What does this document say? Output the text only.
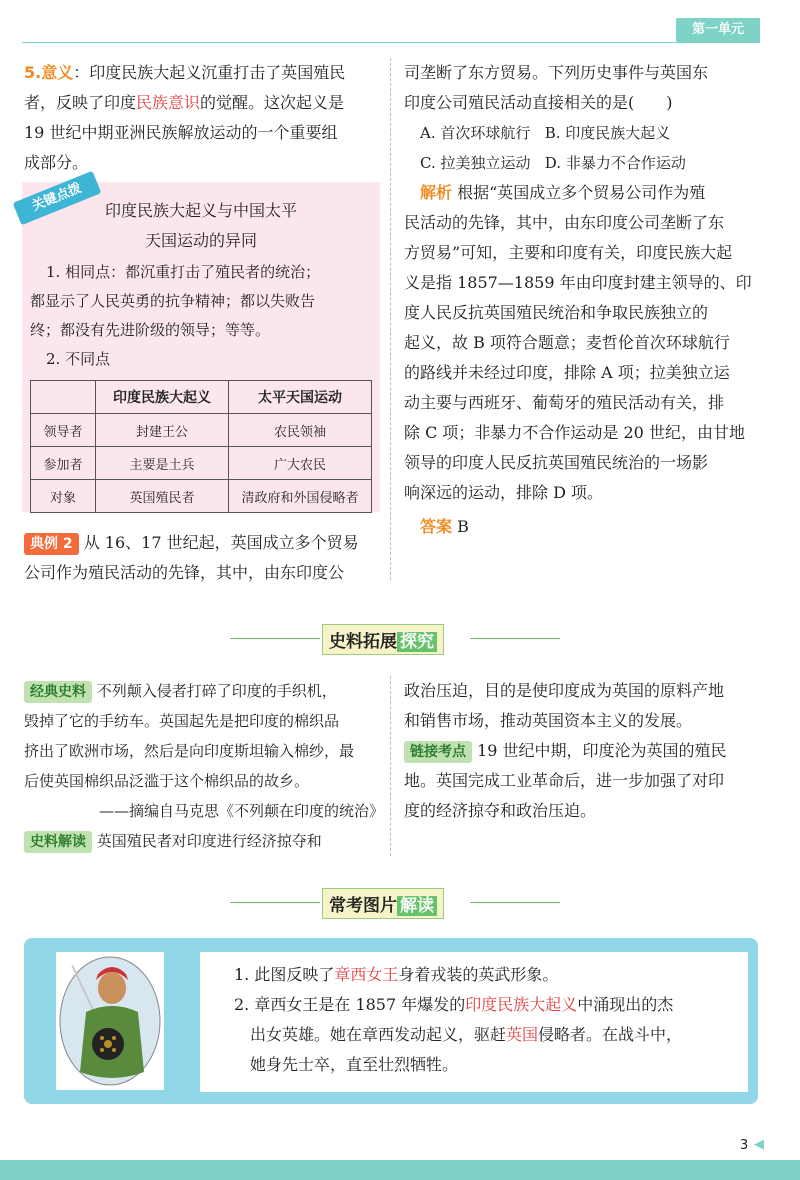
第一单元
5.意义：印度民族大起义沉重打击了英国殖民
者，反映了印度民族意识的觉醒。这次起义是
19 世纪中期亚洲民族解放运动的一个重要组
成部分。
关键点拨	印度民族大起义与中国太平
天国运动的异同
1. 相同点：都沉重打击了殖民者的统治；
都显示了人民英勇的抗争精神；都以失败告
终；都没有先进阶级的领导；等等。
2. 不同点
	印度民族大起义	太平天国运动
领导者	封建王公	农民领袖
参加者	主要是土兵	广大农民
对象	英国殖民者	清政府和外国侵略者
典例 2 从 16、17 世纪起，英国成立多个贸易
公司作为殖民活动的先锋，其中，由东印度公
司垄断了东方贸易。下列历史事件与英国东
印度公司殖民活动直接相关的是(　　)
A. 首次环球航行 B. 印度民族大起义
C. 拉美独立运动 D. 非暴力不合作运动
解析 根据“英国成立多个贸易公司作为殖
民活动的先锋，其中，由东印度公司垄断了东
方贸易”可知，主要和印度有关，印度民族大起
义是指 1857—1859 年由印度封建主领导的、印
度人民反抗英国殖民统治和争取民族独立的
起义，故 B 项符合题意；麦哲伦首次环球航行
的路线并未经过印度，排除 A 项；拉美独立运
动主要与西班牙、葡萄牙的殖民活动有关，排
除 C 项；非暴力不合作运动是 20 世纪，由甘地
领导的印度人民反抗英国殖民统治的一场影
响深远的运动，排除 D 项。
答案 B
史料拓展 探究
经典史料 不列颠入侵者打碎了印度的手织机，
毁掉了它的手纺车。英国起先是把印度的棉织品
挤出了欧洲市场，然后是向印度斯坦输入棉纱，最
后使英国棉织品泛滥于这个棉织品的故乡。
——摘编自马克思《不列颠在印度的统治》
史料解读 英国殖民者对印度进行经济掠夺和
政治压迫，目的是使印度成为英国的原料产地
和销售市场，推动英国资本主义的发展。
链接考点 19 世纪中期，印度沦为英国的殖民
地。英国完成工业革命后，进一步加强了对印
度的经济掠夺和政治压迫。
常考图片 解读
1. 此图反映了章西女王身着戎装的英武形象。
2. 章西女王是在 1857 年爆发的印度民族大起义中涌现出的杰
出女英雄。她在章西发动起义，驱赶英国侵略者。在战斗中，
她身先士卒，直至壮烈牺牲。
3 ◀
